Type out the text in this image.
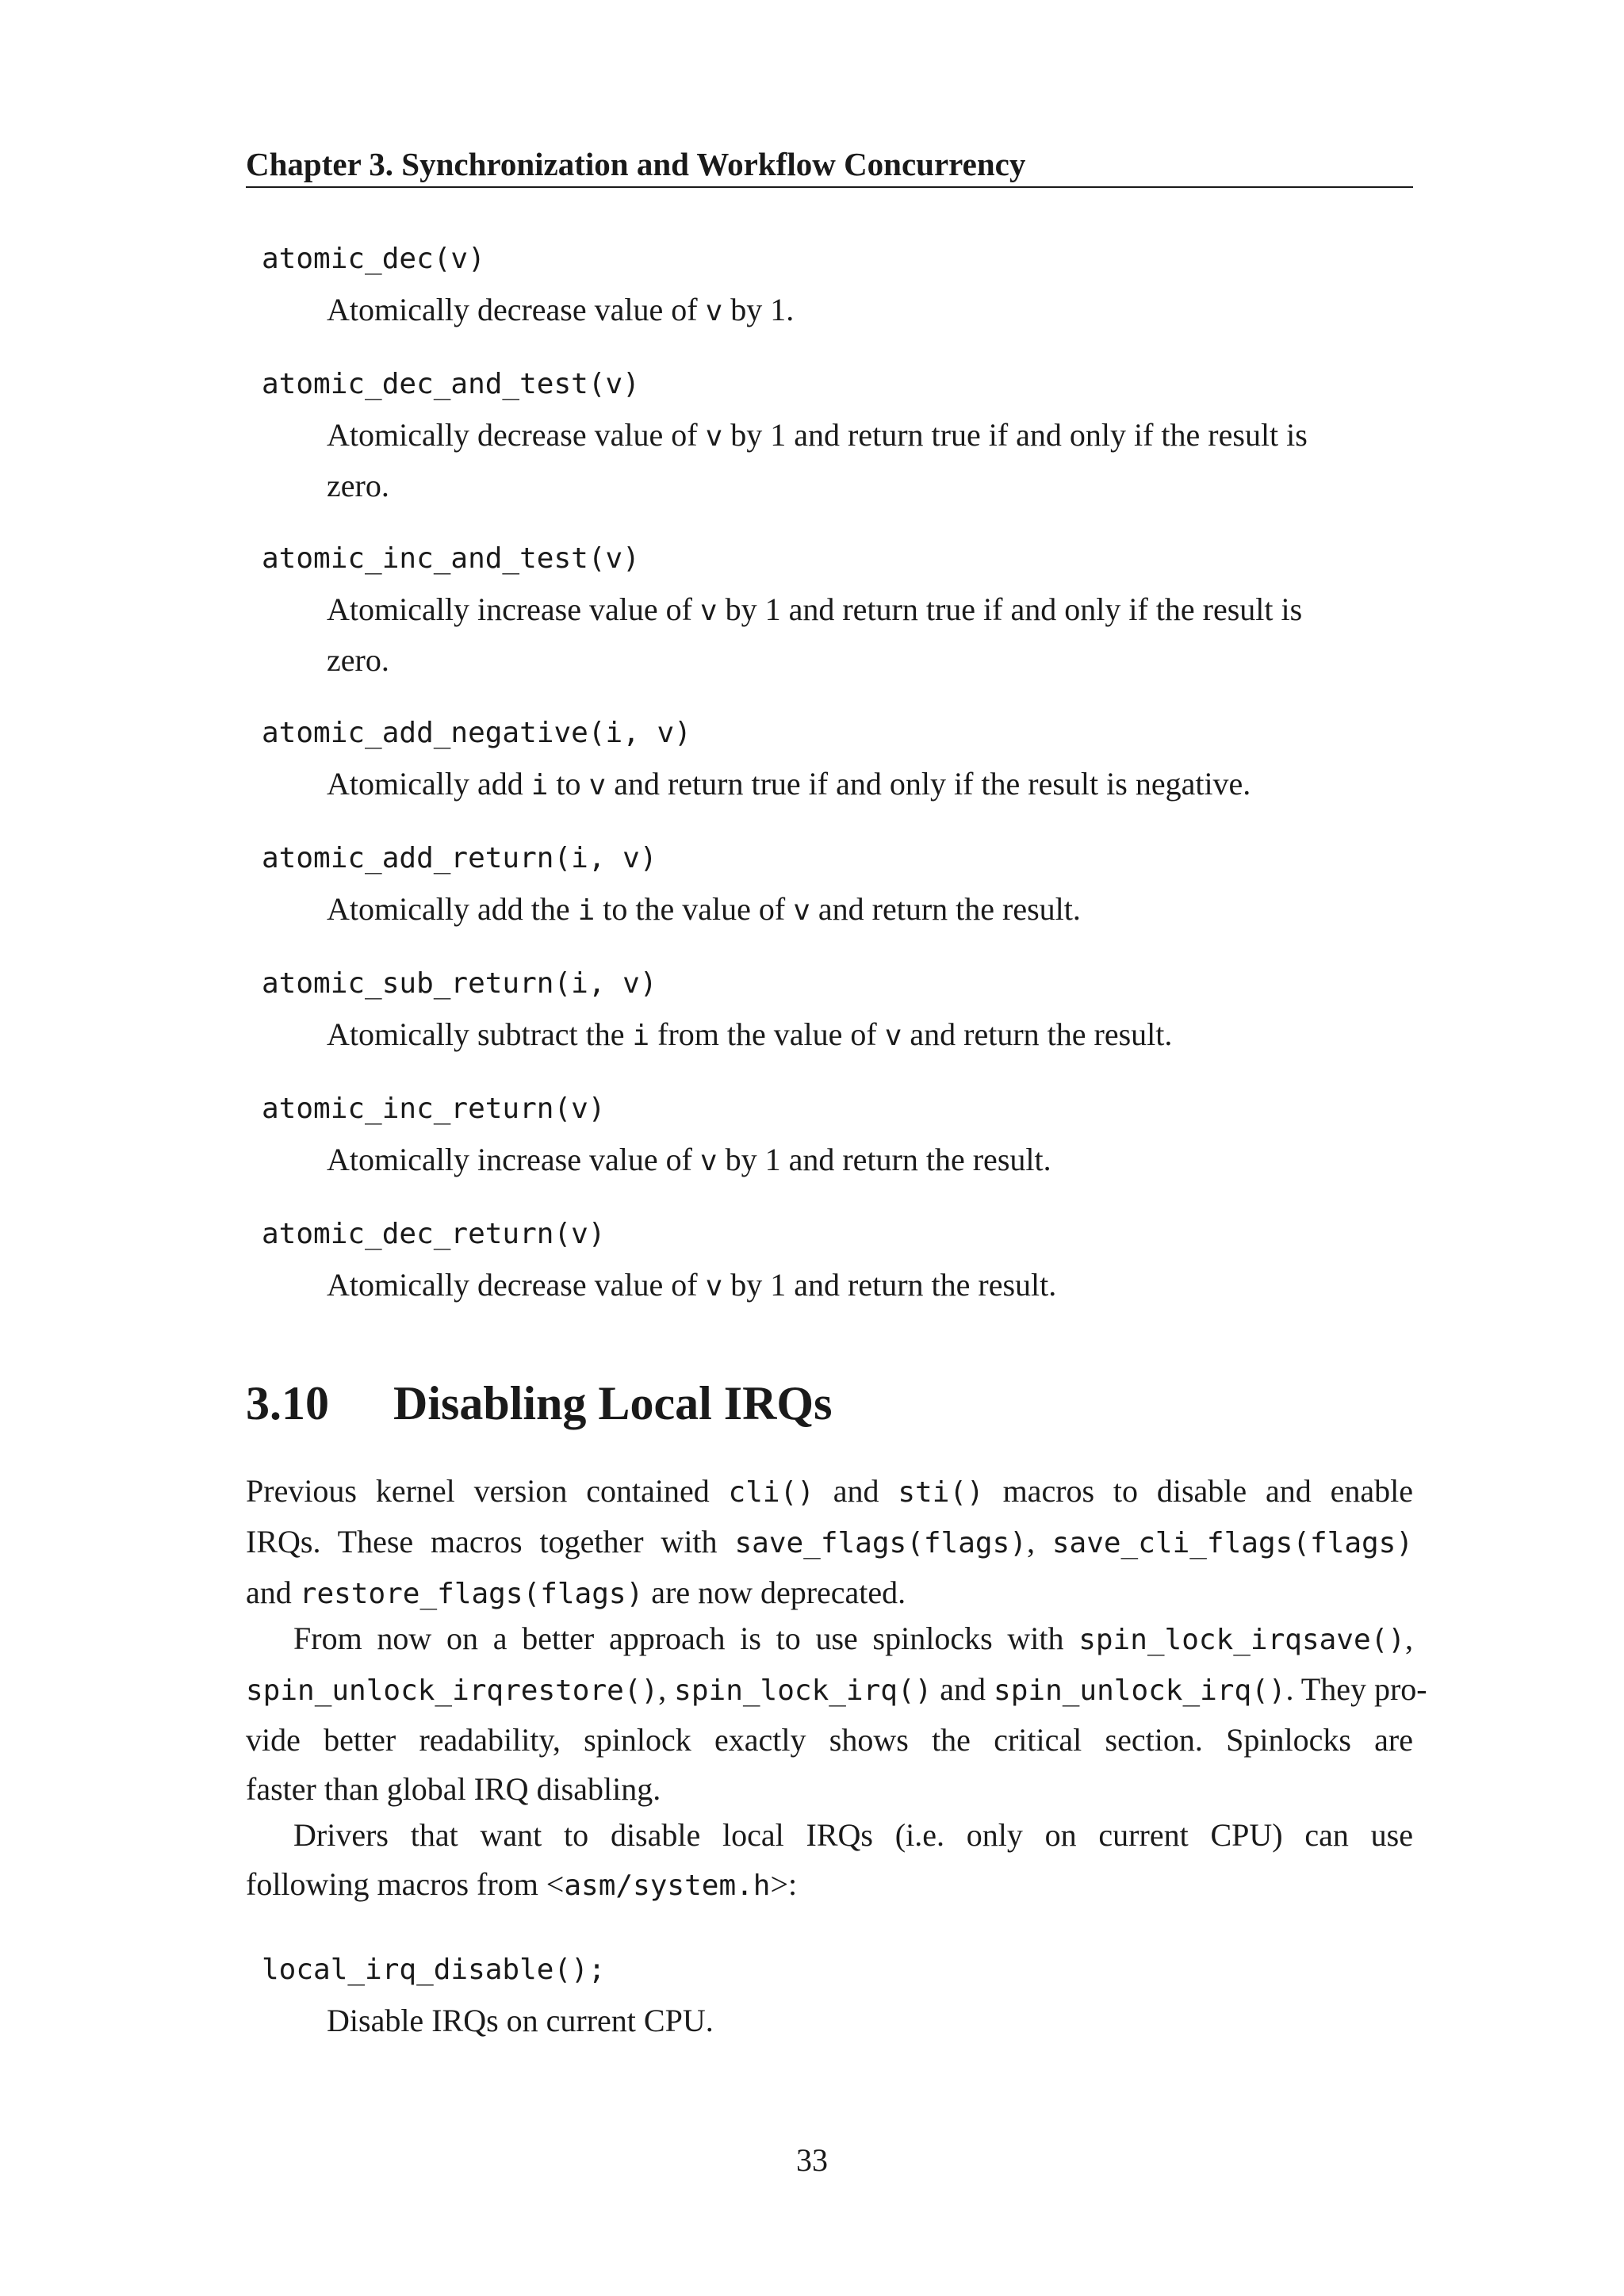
Chapter 3. Synchronization and Workflow Concurrency
atomic_dec(v)
Atomically decrease value of v by 1.
atomic_dec_and_test(v)
Atomically decrease value of v by 1 and return true if and only if the result is
zero.
atomic_inc_and_test(v)
Atomically increase value of v by 1 and return true if and only if the result is
zero.
atomic_add_negative(i, v)
Atomically add i to v and return true if and only if the result is negative.
atomic_add_return(i, v)
Atomically add the i to the value of v and return the result.
atomic_sub_return(i, v)
Atomically subtract the i from the value of v and return the result.
atomic_inc_return(v)
Atomically increase value of v by 1 and return the result.
atomic_dec_return(v)
Atomically decrease value of v by 1 and return the result.
3.10 Disabling Local IRQs
Previous kernel version contained cli() and sti() macros to disable and enable
IRQs. These macros together with save_flags(flags), save_cli_flags(flags)
and restore_flags(flags) are now deprecated.
From now on a better approach is to use spinlocks with spin_lock_irqsave(),
spin_unlock_irqrestore(), spin_lock_irq() and spin_unlock_irq(). They pro-
vide better readability, spinlock exactly shows the critical section. Spinlocks are
faster than global IRQ disabling.
Drivers that want to disable local IRQs (i.e. only on current CPU) can use
following macros from <asm/system.h>:
local_irq_disable();
Disable IRQs on current CPU.
33
